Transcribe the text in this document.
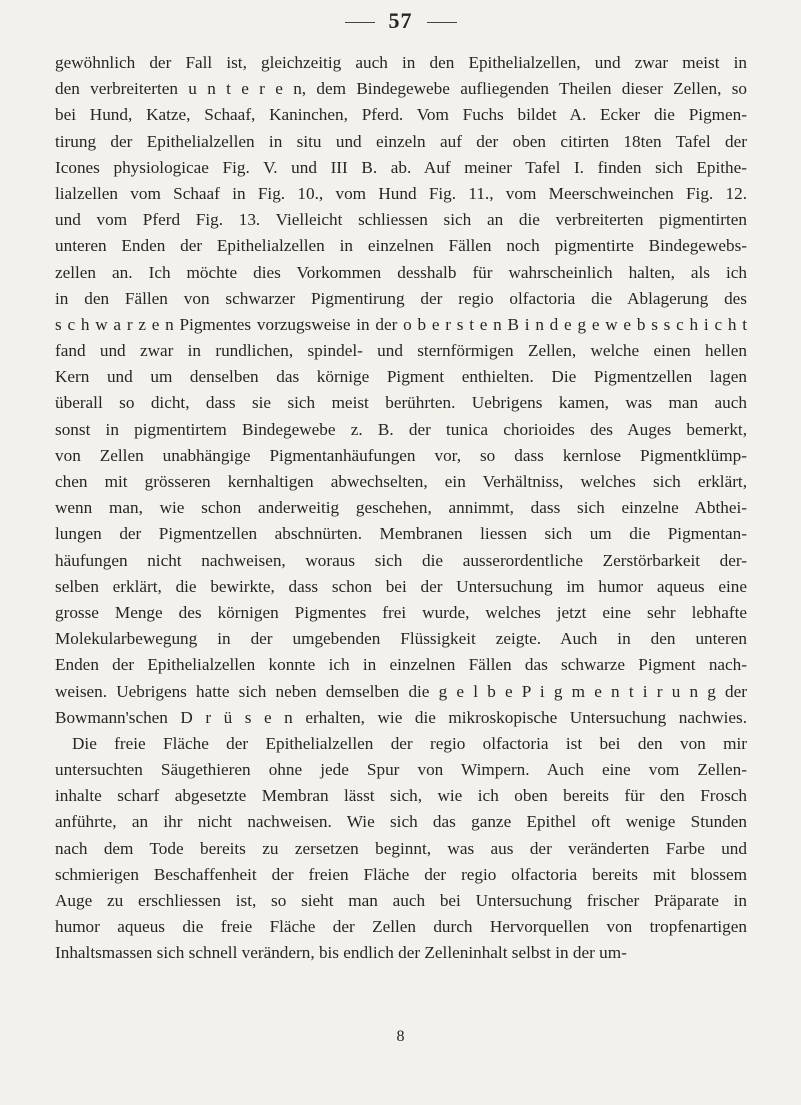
57
gewöhnlich der Fall ist, gleichzeitig auch in den Epithelialzellen, und zwar meist in
den verbreiterten u n t e r e n, dem Bindegewebe aufliegenden Theilen dieser Zellen, so
bei Hund, Katze, Schaaf, Kaninchen, Pferd. Vom Fuchs bildet A. Ecker die Pigmen-
tirung der Epithelialzellen in situ und einzeln auf der oben citirten 18ten Tafel der
Icones physiologicae Fig. V. und III B. ab. Auf meiner Tafel I. finden sich Epithe-
lialzellen vom Schaaf in Fig. 10., vom Hund Fig. 11., vom Meerschweinchen Fig. 12.
und vom Pferd Fig. 13. Vielleicht schliessen sich an die verbreiterten pigmentirten
unteren Enden der Epithelialzellen in einzelnen Fällen noch pigmentirte Bindegewebs-
zellen an. Ich möchte dies Vorkommen desshalb für wahrscheinlich halten, als ich
in den Fällen von schwarzer Pigmentirung der regio olfactoria die Ablagerung des
s c h w a r z e n Pigmentes vorzugsweise in der o b e r s t e n B i n d e g e w e b s s c h i c h t
fand und zwar in rundlichen, spindel- und sternförmigen Zellen, welche einen hellen
Kern und um denselben das körnige Pigment enthielten. Die Pigmentzellen lagen
überall so dicht, dass sie sich meist berührten. Uebrigens kamen, was man auch
sonst in pigmentirtem Bindegewebe z. B. der tunica chorioides des Auges bemerkt,
von Zellen unabhängige Pigmentanhäufungen vor, so dass kernlose Pigmentklümp-
chen mit grösseren kernhaltigen abwechselten, ein Verhältniss, welches sich erklärt,
wenn man, wie schon anderweitig geschehen, annimmt, dass sich einzelne Abthei-
lungen der Pigmentzellen abschnürten. Membranen liessen sich um die Pigmentan-
häufungen nicht nachweisen, woraus sich die ausserordentliche Zerstörbarkeit der-
selben erklärt, die bewirkte, dass schon bei der Untersuchung im humor aqueus eine
grosse Menge des körnigen Pigmentes frei wurde, welches jetzt eine sehr lebhafte
Molekularbewegung in der umgebenden Flüssigkeit zeigte. Auch in den unteren
Enden der Epithelialzellen konnte ich in einzelnen Fällen das schwarze Pigment nach-
weisen. Uebrigens hatte sich neben demselben die g e l b e P i g m e n t i r u n g der
Bowmann'schen D r ü s e n erhalten, wie die mikroskopische Untersuchung nachwies.
Die freie Fläche der Epithelialzellen der regio olfactoria ist bei den von mir
untersuchten Säugethieren ohne jede Spur von Wimpern. Auch eine vom Zellen-
inhalte scharf abgesetzte Membran lässt sich, wie ich oben bereits für den Frosch
anführte, an ihr nicht nachweisen. Wie sich das ganze Epithel oft wenige Stunden
nach dem Tode bereits zu zersetzen beginnt, was aus der veränderten Farbe und
schmierigen Beschaffenheit der freien Fläche der regio olfactoria bereits mit blossem
Auge zu erschliessen ist, so sieht man auch bei Untersuchung frischer Präparate in
humor aqueus die freie Fläche der Zellen durch Hervorquellen von tropfenartigen
Inhaltsmassen sich schnell verändern, bis endlich der Zelleninhalt selbst in der um-
8
